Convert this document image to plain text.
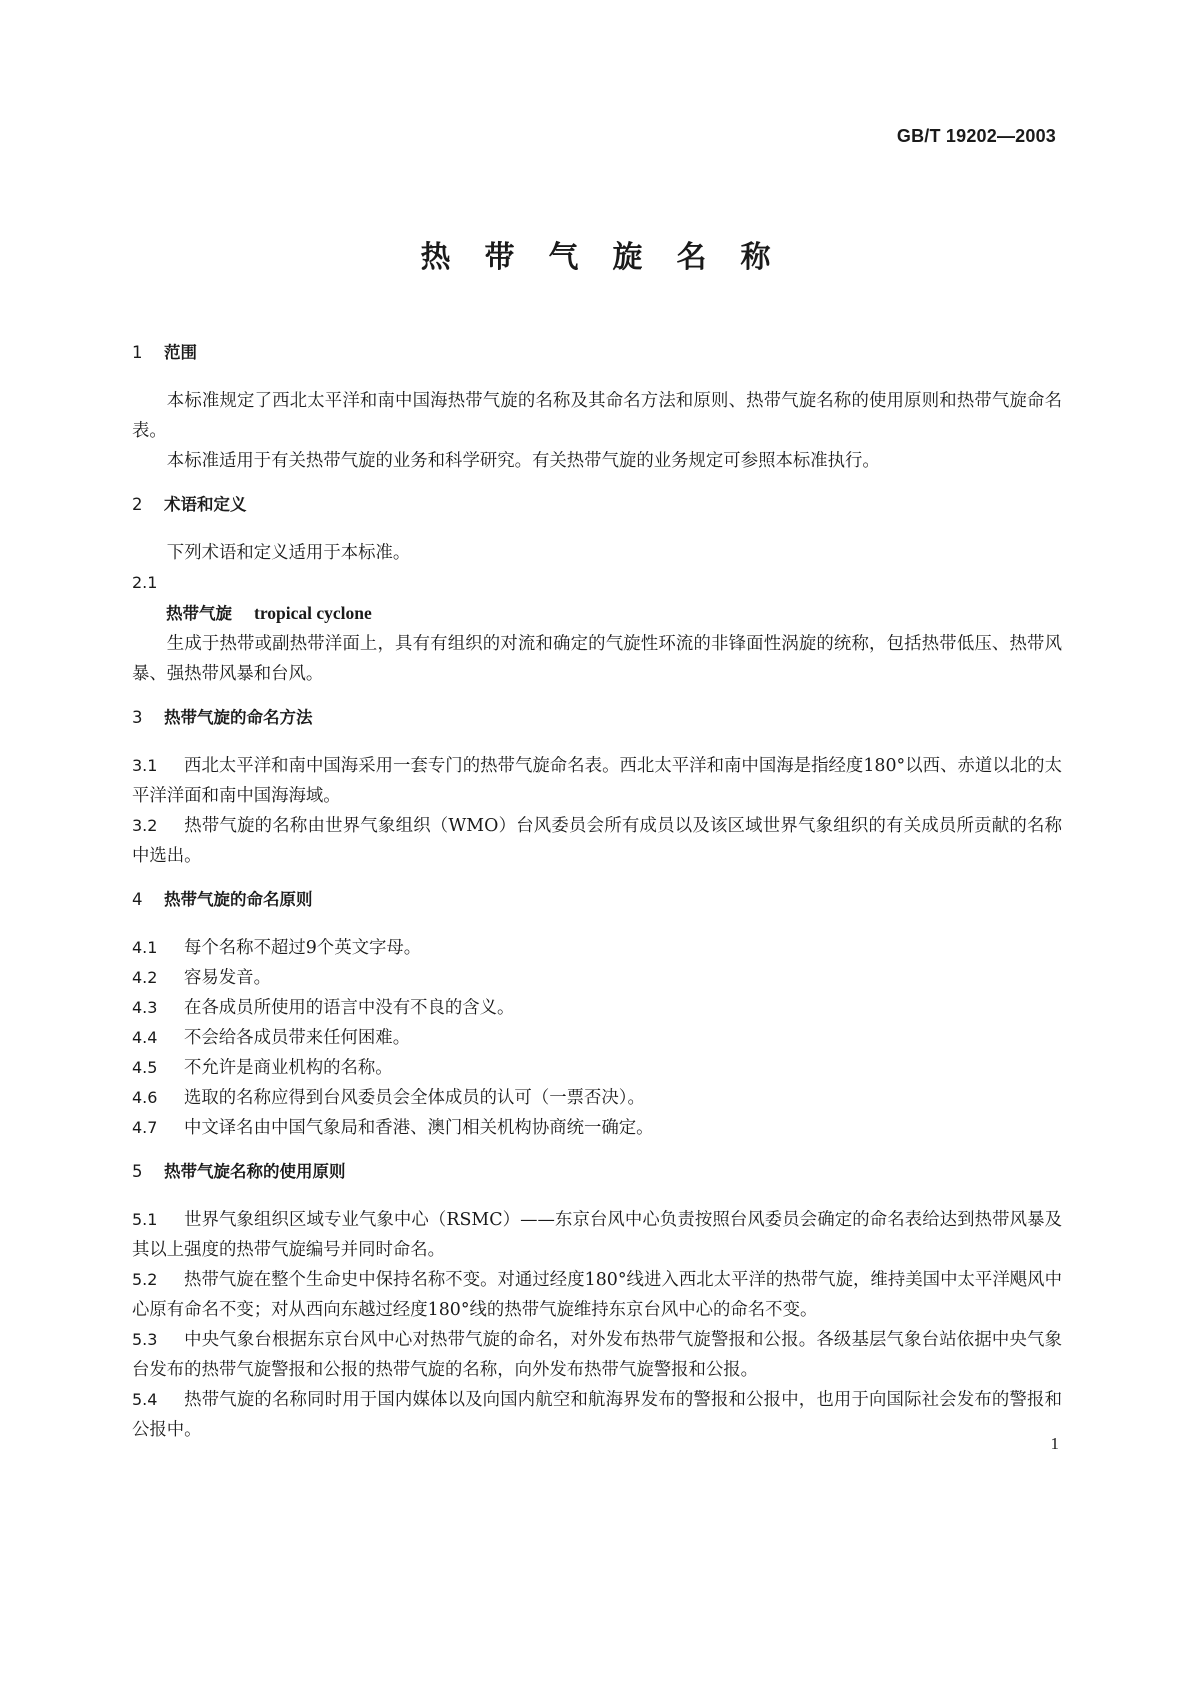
GB/T 19202—2003
热带气旋名称
1 范围

本标准规定了西北太平洋和南中国海热带气旋的名称及其命名方法和原则、热带气旋名称的使用原则和热带气旋命名表。

本标准适用于有关热带气旋的业务和科学研究。有关热带气旋的业务规定可参照本标准执行。

2 术语和定义

下列术语和定义适用于本标准。

2.1

热带气旋 tropical cyclone

生成于热带或副热带洋面上，具有有组织的对流和确定的气旋性环流的非锋面性涡旋的统称，包括热带低压、热带风暴、强热带风暴和台风。

3 热带气旋的命名方法

3.1 西北太平洋和南中国海采用一套专门的热带气旋命名表。西北太平洋和南中国海是指经度180°以西、赤道以北的太平洋洋面和南中国海海域。

3.2 热带气旋的名称由世界气象组织（WMO）台风委员会所有成员以及该区域世界气象组织的有关成员所贡献的名称中选出。

4 热带气旋的命名原则

4.1 每个名称不超过9个英文字母。

4.2 容易发音。

4.3 在各成员所使用的语言中没有不良的含义。

4.4 不会给各成员带来任何困难。

4.5 不允许是商业机构的名称。

4.6 选取的名称应得到台风委员会全体成员的认可（一票否决）。

4.7 中文译名由中国气象局和香港、澳门相关机构协商统一确定。

5 热带气旋名称的使用原则

5.1 世界气象组织区域专业气象中心（RSMC）——东京台风中心负责按照台风委员会确定的命名表给达到热带风暴及其以上强度的热带气旋编号并同时命名。

5.2 热带气旋在整个生命史中保持名称不变。对通过经度180°线进入西北太平洋的热带气旋，维持美国中太平洋飓风中心原有命名不变；对从西向东越过经度180°线的热带气旋维持东京台风中心的命名不变。

5.3 中央气象台根据东京台风中心对热带气旋的命名，对外发布热带气旋警报和公报。各级基层气象台站依据中央气象台发布的热带气旋警报和公报的热带气旋的名称，向外发布热带气旋警报和公报。

5.4 热带气旋的名称同时用于国内媒体以及向国内航空和航海界发布的警报和公报中，也用于向国际社会发布的警报和公报中。

1
